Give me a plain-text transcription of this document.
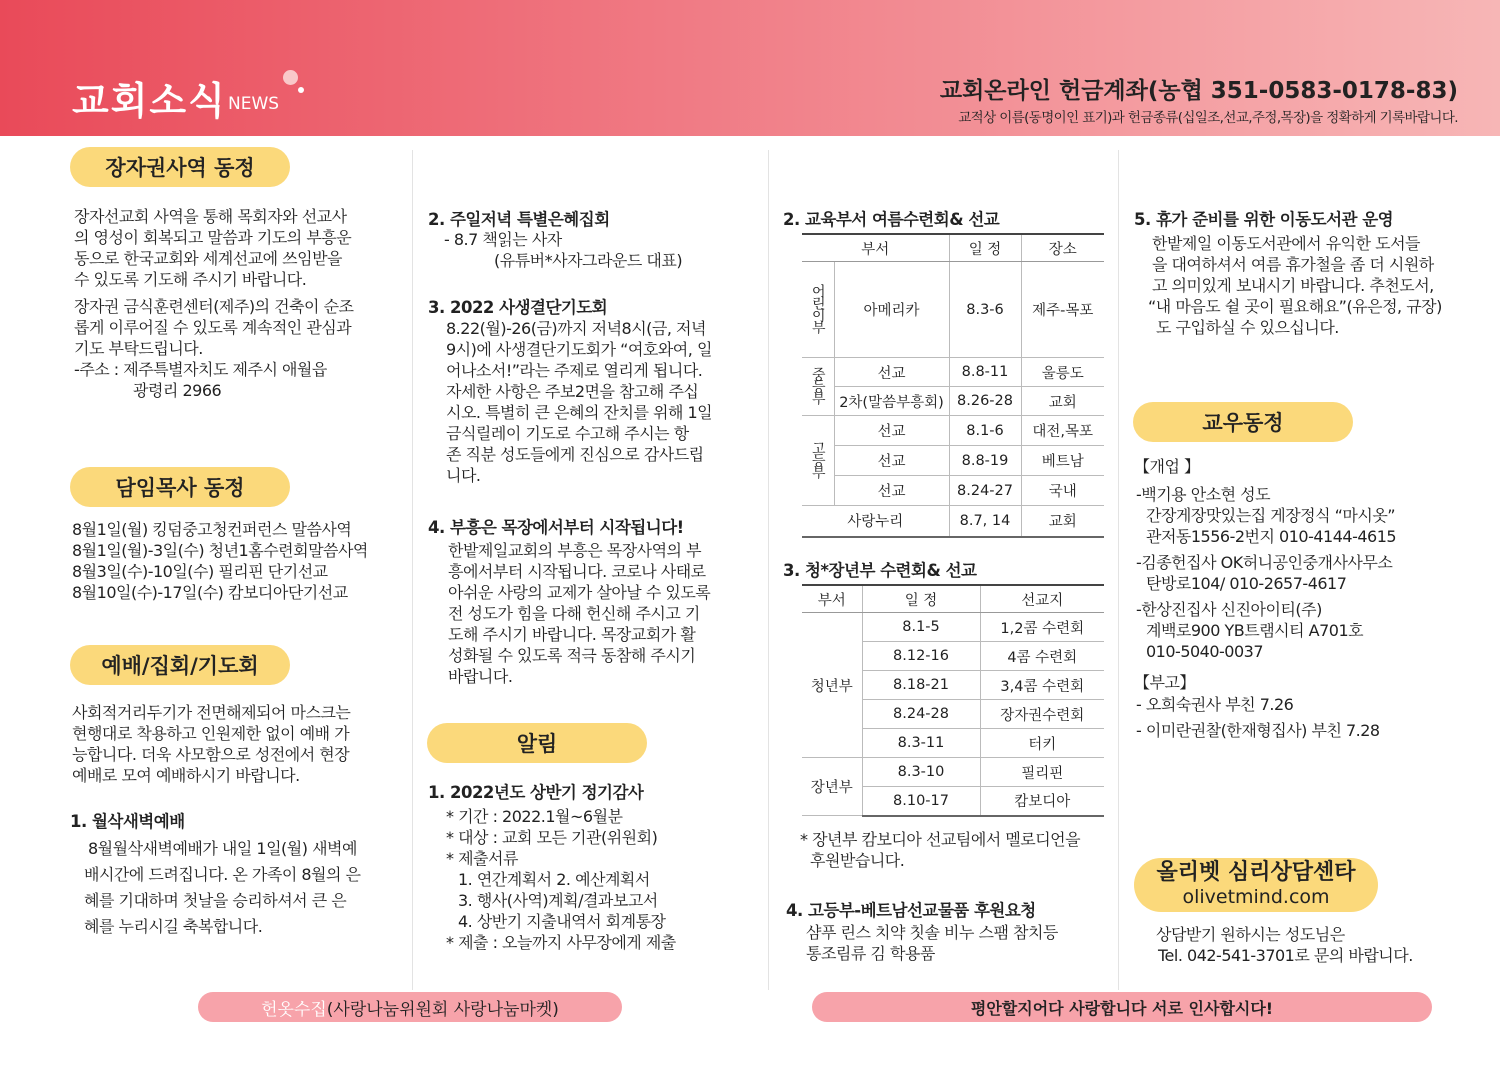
교회소식 NEWS	교회온라인 헌금계좌(농협 351-0583-0178-83)
교적상 이름(동명이인 표기)과 헌금종류(십일조,선교,주정,목장)을 정확하게 기록바랍니다.
장자권사역 동정
장자선교회 사역을 통해 목회자와 선교사
의 영성이 회복되고 말씀과 기도의 부흥운
동으로 한국교회와 세계선교에 쓰임받을
수 있도록 기도해 주시기 바랍니다.
장자권 금식훈련센터(제주)의 건축이 순조
롭게 이루어질 수 있도록 계속적인 관심과
기도 부탁드립니다.
-주소 : 제주특별자치도 제주시 애월읍
광령리 2966
담임목사 동정
8월1일(월) 킹덤중고청컨퍼런스 말씀사역
8월1일(월)-3일(수) 청년1홈수련회말씀사역
8월3일(수)-10일(수) 필리핀 단기선교
8월10일(수)-17일(수) 캄보디아단기선교
예배/집회/기도회
사회적거리두기가 전면해제되어 마스크는
현행대로 착용하고 인원제한 없이 예배 가
능합니다. 더욱 사모함으로 성전에서 현장
예배로 모여 예배하시기 바랍니다.
1. 월삭새벽예배
8월월삭새벽예배가 내일 1일(월) 새벽예
배시간에 드려집니다. 온 가족이 8월의 은
혜를 기대하며 첫날을 승리하셔서 큰 은
혜를 누리시길 축복합니다.
2. 주일저녁 특별은혜집회
- 8.7 책읽는 사자
(유튜버*사자그라운드 대표)
3. 2022 사생결단기도회
8.22(월)-26(금)까지 저녁8시(금, 저녁
9시)에 사생결단기도회가 “여호와여, 일
어나소서!”라는 주제로 열리게 됩니다.
자세한 사항은 주보2면을 참고해 주십
시오. 특별히 큰 은혜의 잔치를 위해 1일
금식릴레이 기도로 수고해 주시는 항
존 직분 성도들에게 진심으로 감사드립
니다.
4. 부흥은 목장에서부터 시작됩니다!
한밭제일교회의 부흥은 목장사역의 부
흥에서부터 시작됩니다. 코로나 사태로
아쉬운 사랑의 교제가 살아날 수 있도록
전 성도가 힘을 다해 헌신해 주시고 기
도해 주시기 바랍니다. 목장교회가 활
성화될 수 있도록 적극 동참해 주시기
바랍니다.
알림
1. 2022년도 상반기 정기감사
* 기간 : 2022.1월~6월분
* 대상 : 교회 모든 기관(위원회)
* 제출서류
1. 연간계획서 2. 예산계획서
3. 행사(사역)계획/결과보고서
4. 상반기 지출내역서 회계통장
* 제출 : 오늘까지 사무장에게 제출
2. 교육부서 여름수련회& 선교
부서		일 정	장소
어린이부	아메리카	8.3-6	제주-목포
중등부	선교	8.8-11	울릉도
	2차(말씀부흥회)	8.26-28	교회
고등부	선교	8.1-6	대전,목포
	선교	8.8-19	베트남
	선교	8.24-27	국내
사랑누리		8.7, 14	교회
3. 청*장년부 수련회& 선교
부서	일 정	선교지
청년부	8.1-5	1,2콤 수련회
	8.12-16	4콤 수련회
	8.18-21	3,4콤 수련회
	8.24-28	장자권수련회
	8.3-11	터키
장년부	8.3-10	필리핀
	8.10-17	캄보디아
* 장년부 캄보디아 선교팀에서 멜로디언을
후원받습니다.
4. 고등부-베트남선교물품 후원요청
샴푸 린스 치약 칫솔 비누 스팸 참치등
통조림류 김 학용품
5. 휴가 준비를 위한 이동도서관 운영
한밭제일 이동도서관에서 유익한 도서들
을 대여하셔서 여름 휴가철을 좀 더 시원하
고 의미있게 보내시기 바랍니다. 추천도서,
“내 마음도 쉴 곳이 필요해요”(유은정, 규장)
도 구입하실 수 있으십니다.
교우동정
【개업 】
-백기용 안소현 성도
간장게장맛있는집 게장정식 “마시옷”
관저동1556-2번지 010-4144-4615
-김종헌집사 OK허니공인중개사사무소
탄방로104/ 010-2657-4617
-한상진집사 신진아이티(주)
계백로900 YB트램시티 A701호
010-5040-0037
【부고】
- 오희숙권사 부친 7.26
- 이미란권찰(한재형집사) 부친 7.28
올리벳 심리상담센타
olivetmind.com
상담받기 원하시는 성도님은
Tel. 042-541-3701로 문의 바랍니다.
헌옷수집 (사랑나눔위원회 사랑나눔마켓)	평안할지어다 사랑합니다 서로 인사합시다!
